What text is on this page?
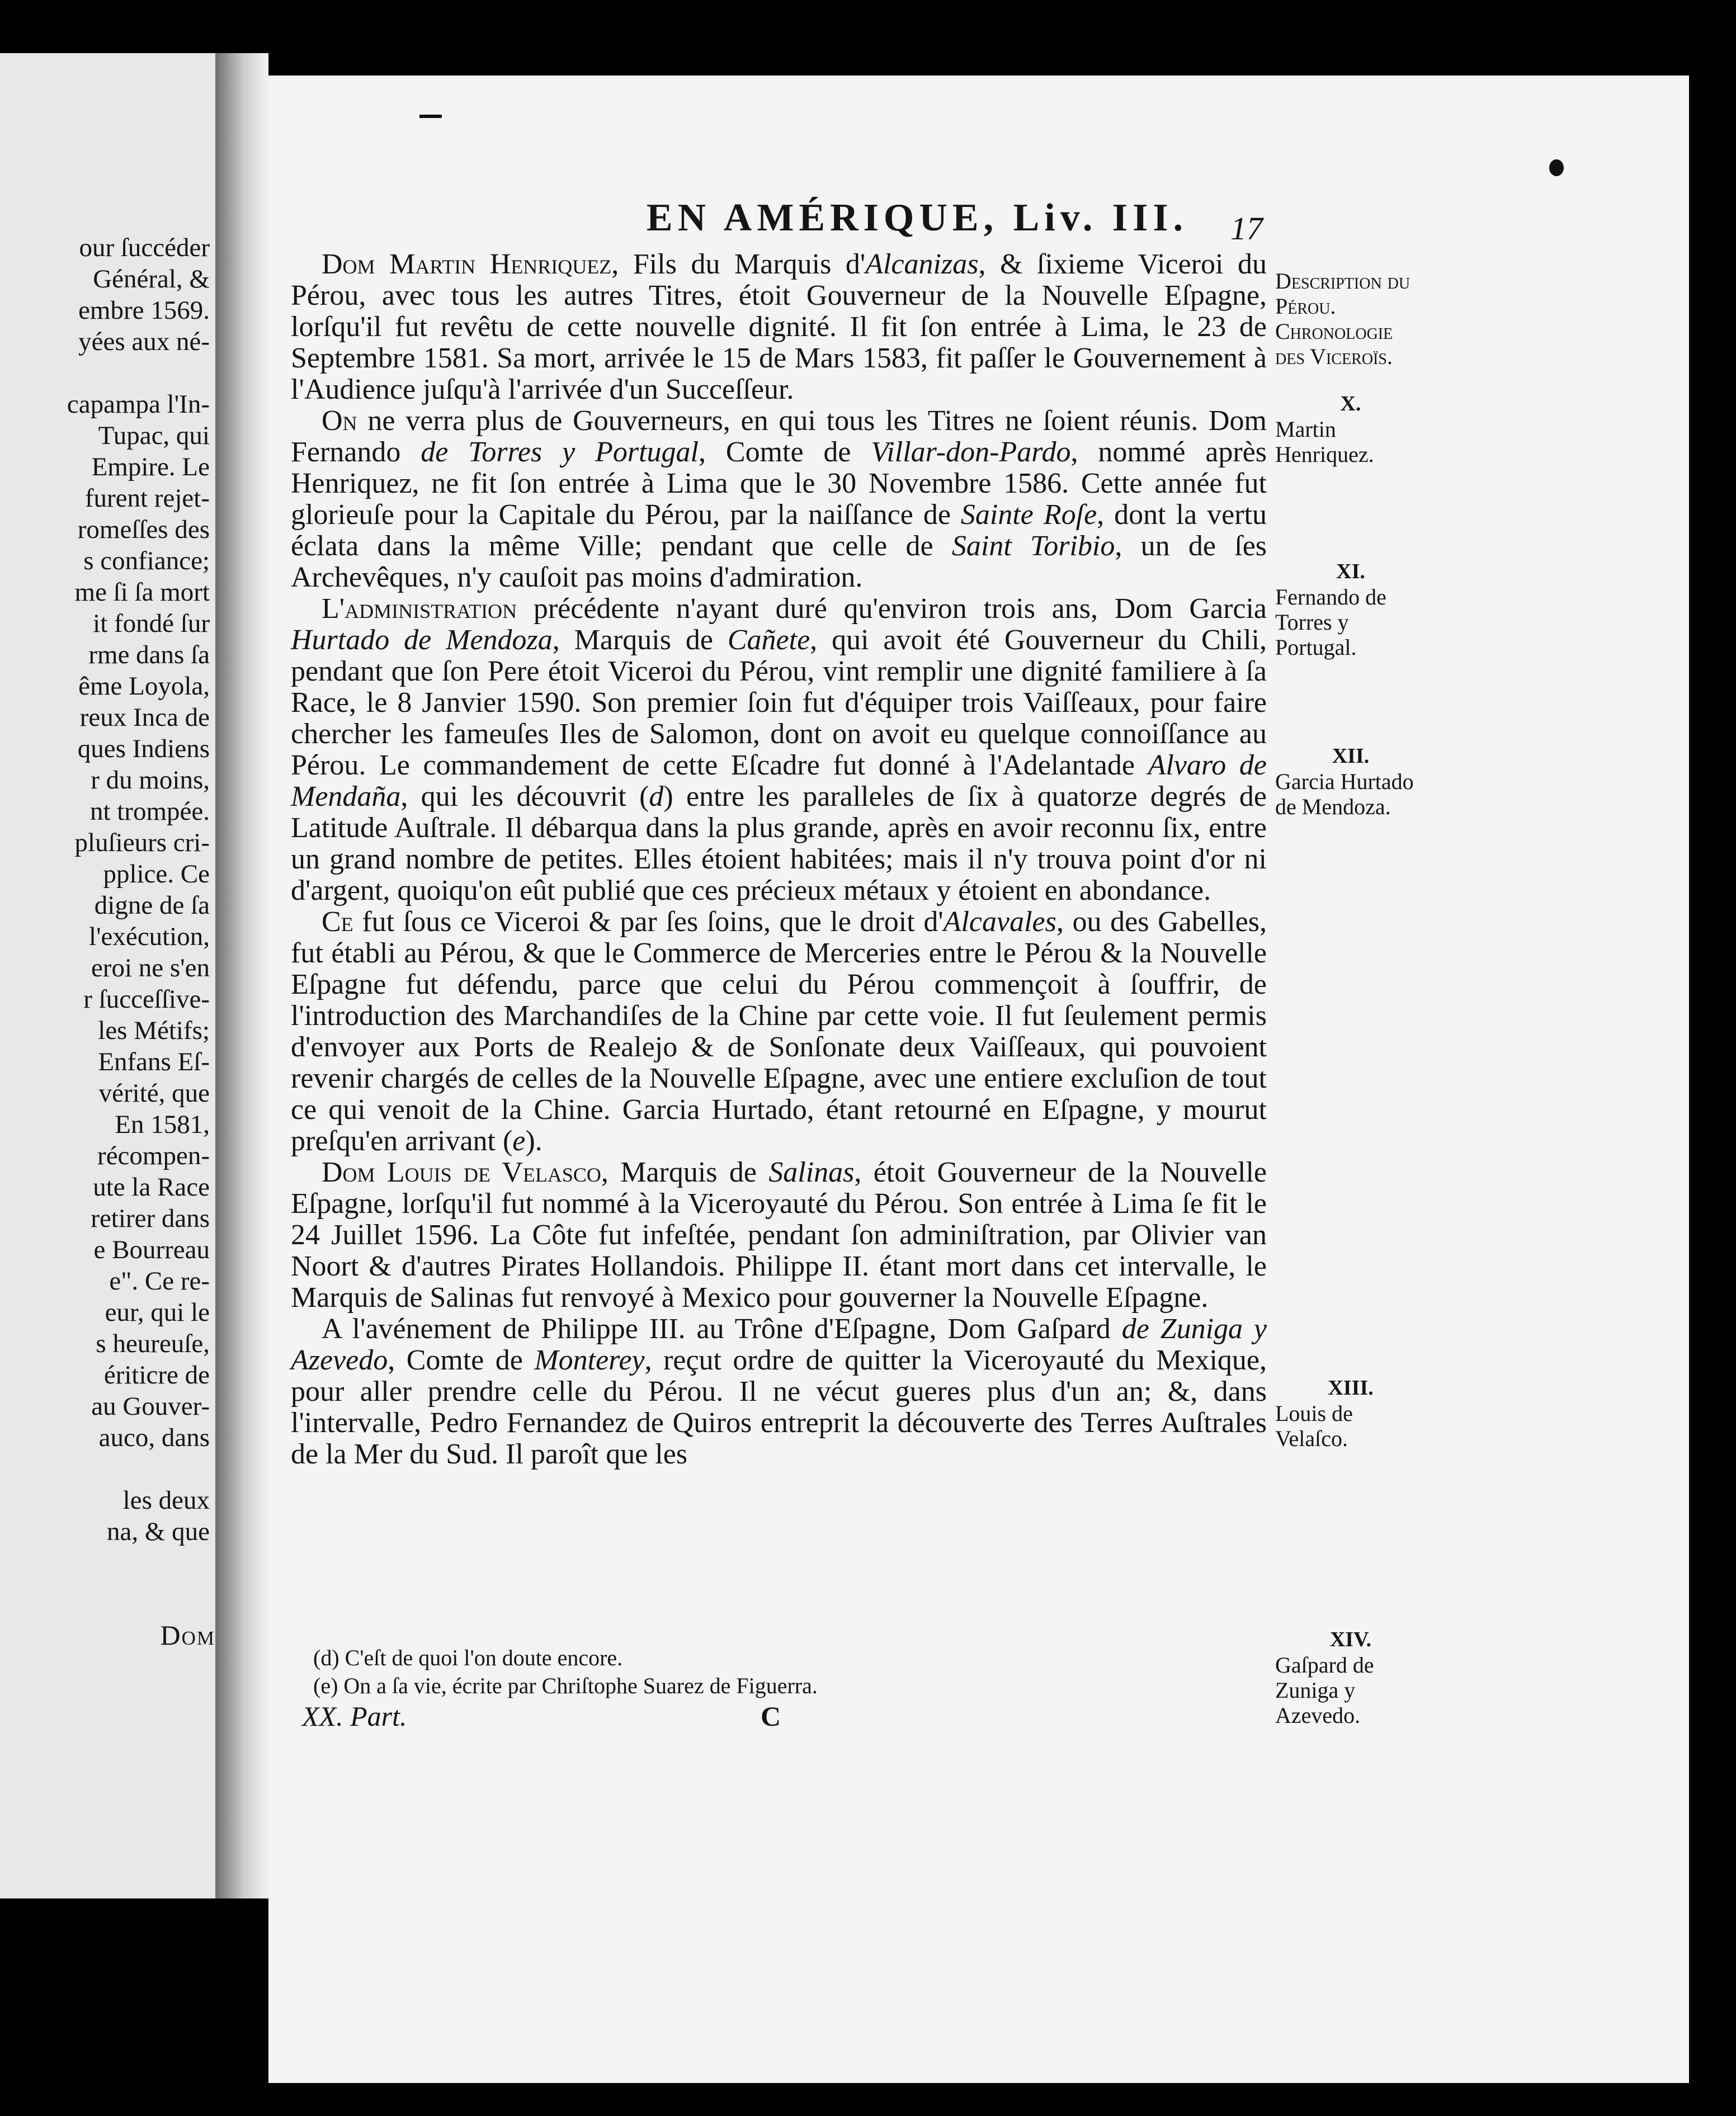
our ſuccéder
Général, &
embre 1569.
yées aux né-
capampa l'In-
Tupac, qui
Empire. Le
furent rejet-
romeſſes des
s confiance;
me ſi ſa mort
it fondé ſur
rme dans ſa
ême Loyola,
reux Inca de
ques Indiens
r du moins,
nt trompée.
pluſieurs cri-
pplice. Ce
digne de ſa
l'exécution,
eroi ne s'en
r ſucceſſive-
les Métifs;
Enfans Eſ-
vérité, que
En 1581,
récompen-
ute la Race
retirer dans
e Bourreau
e". Ce re-
eur, qui le
s heureuſe,
ériticre de
au Gouver-
auco, dans
les deux
na, & que
Dom
EN AMÉRIQUE, Liv. III.	17

Dom Martin Henriquez, Fils du Marquis d'Alcanizas, & ſixieme Viceroi du Pérou, avec tous les autres Titres, étoit Gouverneur de la Nouvelle Eſpagne, lorſqu'il fut revêtu de cette nouvelle dignité. Il fit ſon entrée à Lima, le 23 de Septembre 1581. Sa mort, arrivée le 15 de Mars 1583, fit paſſer le Gouvernement à l'Audience juſqu'à l'arrivée d'un Succeſſeur.

On ne verra plus de Gouverneurs, en qui tous les Titres ne ſoient réunis. Dom Fernando de Torres y Portugal, Comte de Villar-don-Pardo, nommé après Henriquez, ne fit ſon entrée à Lima que le 30 Novembre 1586. Cette année fut glorieuſe pour la Capitale du Pérou, par la naiſſance de Sainte Roſe, dont la vertu éclata dans la même Ville; pendant que celle de Saint Toribio, un de ſes Archevêques, n'y cauſoit pas moins d'admiration.

L'administration précédente n'ayant duré qu'environ trois ans, Dom Garcia Hurtado de Mendoza, Marquis de Cañete, qui avoit été Gouverneur du Chili, pendant que ſon Pere étoit Viceroi du Pérou, vint remplir une dignité familiere à ſa Race, le 8 Janvier 1590. Son premier ſoin fut d'équiper trois Vaiſſeaux, pour faire chercher les fameuſes Iles de Salomon, dont on avoit eu quelque connoiſſance au Pérou. Le commandement de cette Eſcadre fut donné à l'Adelantade Alvaro de Mendaña, qui les découvrit (d) entre les paralleles de ſix à quatorze degrés de Latitude Auſtrale. Il débarqua dans la plus grande, après en avoir reconnu ſix, entre un grand nombre de petites. Elles étoient habitées; mais il n'y trouva point d'or ni d'argent, quoiqu'on eût publié que ces précieux métaux y étoient en abondance.

Ce fut ſous ce Viceroi & par ſes ſoins, que le droit d'Alcavales, ou des Gabelles, fut établi au Pérou, & que le Commerce de Merceries entre le Pérou & la Nouvelle Eſpagne fut défendu, parce que celui du Pérou commençoit à ſouffrir, de l'introduction des Marchandiſes de la Chine par cette voie. Il fut ſeulement permis d'envoyer aux Ports de Realejo & de Sonſonate deux Vaiſſeaux, qui pouvoient revenir chargés de celles de la Nouvelle Eſpagne, avec une entiere excluſion de tout ce qui venoit de la Chine. Garcia Hurtado, étant retourné en Eſpagne, y mourut preſqu'en arrivant (e).

Dom Louis de Velasco, Marquis de Salinas, étoit Gouverneur de la Nouvelle Eſpagne, lorſqu'il fut nommé à la Viceroyauté du Pérou. Son entrée à Lima ſe fit le 24 Juillet 1596. La Côte fut infeſtée, pendant ſon adminiſtration, par Olivier van Noort & d'autres Pirates Hollandois. Philippe II. étant mort dans cet intervalle, le Marquis de Salinas fut renvoyé à Mexico pour gouverner la Nouvelle Eſpagne.

A l'avénement de Philippe III. au Trône d'Eſpagne, Dom Gaſpard de Zuniga y Azevedo, Comte de Monterey, reçut ordre de quitter la Viceroyauté du Mexique, pour aller prendre celle du Pérou. Il ne vécut gueres plus d'un an; &, dans l'intervalle, Pedro Fernandez de Quiros entreprit la découverte des Terres Auſtrales de la Mer du Sud. Il paroît que les

Description du Pérou. Chronologie des Viceroïs.
X.
Martin Henriquez.
XI.
Fernando de Torres y Portugal.
XII.
Garcia Hurtado de Mendoza.
XIII.
Louis de Velaſco.
XIV.
Gaſpard de Zuniga y Azevedo.
(d) C'eſt de quoi l'on doute encore.
(e) On a ſa vie, écrite par Chriſtophe Suarez de Figuerra.
XX. Part.	C
